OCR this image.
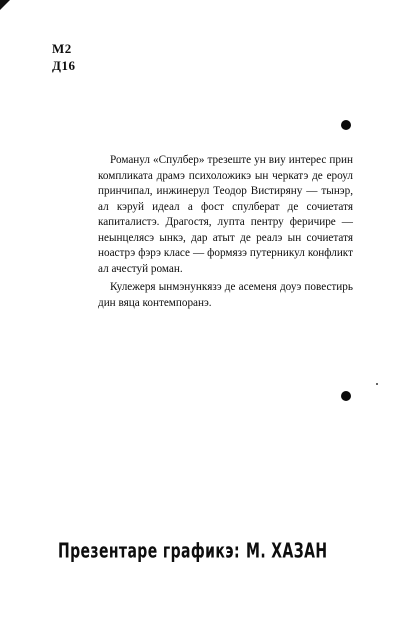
М2
Д16

Романул «Спулбер» трезеште ун виу интерес прин компликата драмэ психоложикэ ын черкатэ де ероул принчипал, инжинерул Теодор Вистиряну — тынэр, ал кэруй идеал а фост спулберат де сочиетатя капиталистэ. Драгостя, лупта пентру феричире — неынцелясэ ынкэ, дар атыт де реалэ ын сочиетатя ноастрэ фэрэ класе — формязэ путерникул конфликт ал ачестуй роман.

Кулежеря ынмэнункязэ де асеменя доуэ повестирь дин вяца контемпоранэ.

Презентаре графикэ: М. ХАЗАН
